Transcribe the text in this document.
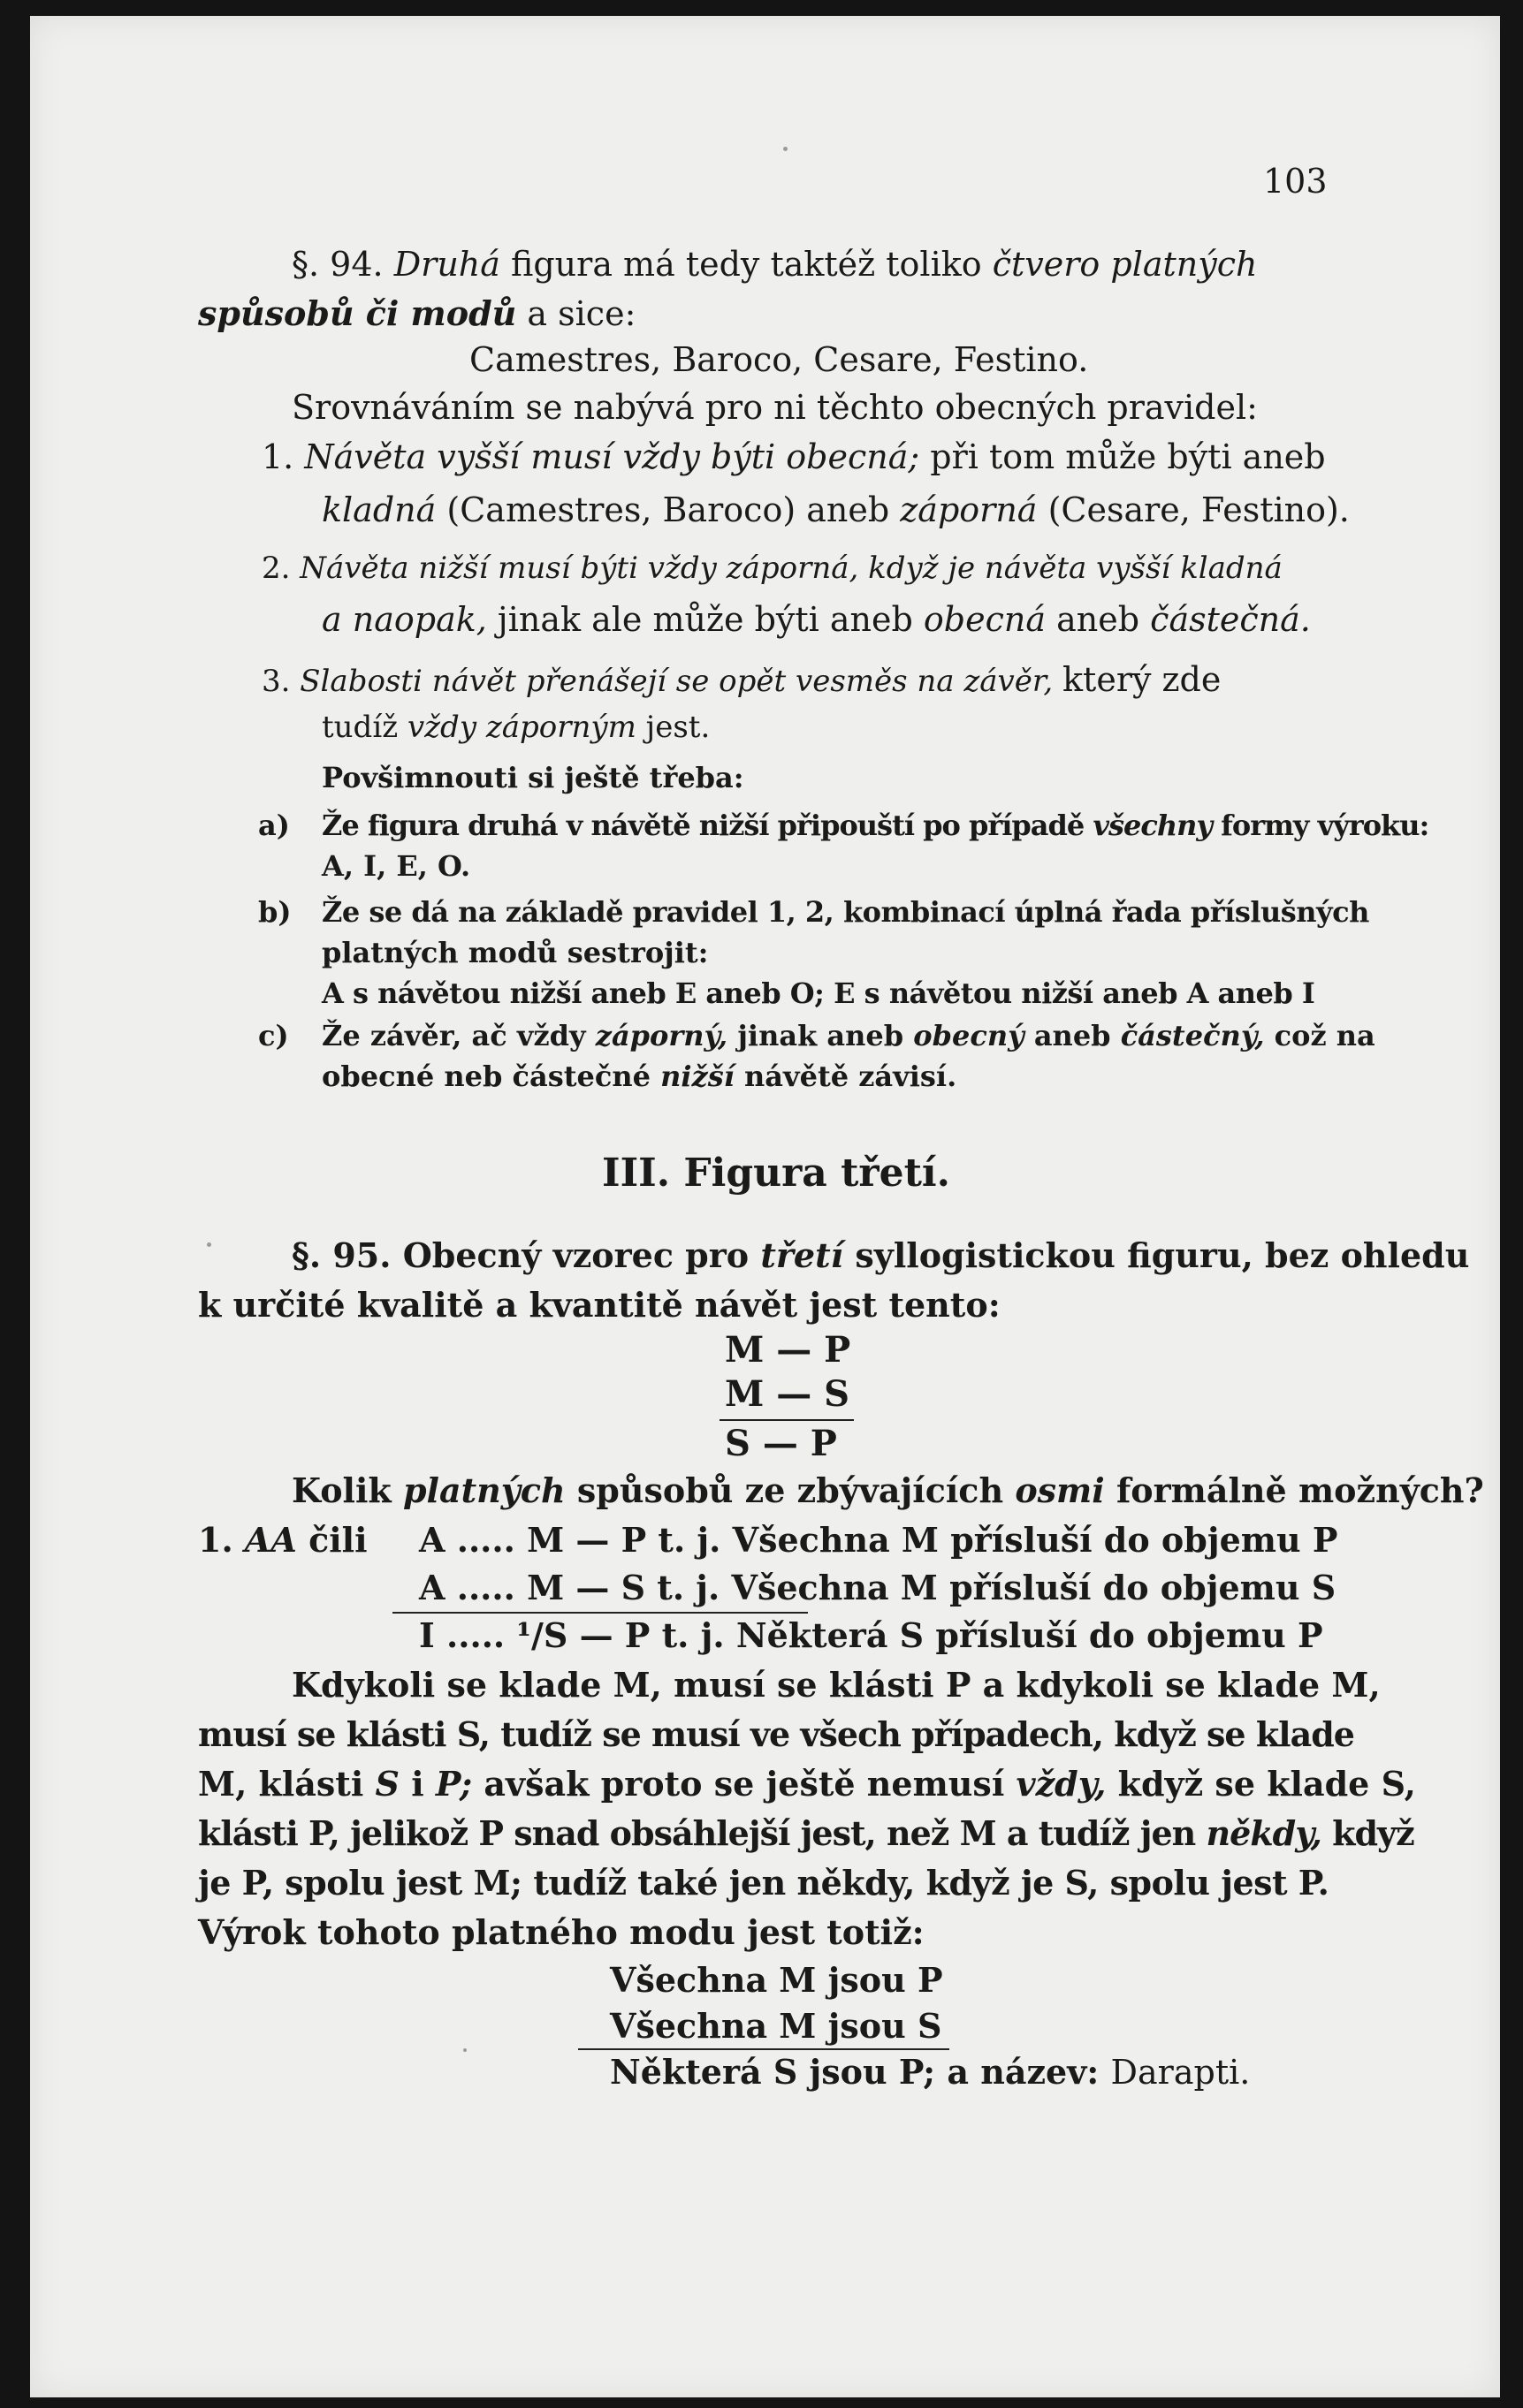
103
§. 94. Druhá figura má tedy taktéž toliko čtvero platných
spůsobů či modů a sice:
Camestres, Baroco, Cesare, Festino.
Srovnáváním se nabývá pro ni těchto obecných pravidel:
1. Návěta vyšší musí vždy býti obecná; při tom může býti aneb
kladná (Camestres, Baroco) aneb záporná (Cesare, Festino).
2. Návěta nižší musí býti vždy záporná, když je návěta vyšší kladná
a naopak, jinak ale může býti aneb obecná aneb částečná.
3. Slabosti návět přenášejí se opět vesměs na závěr, který zde
tudíž vždy záporným jest.
Povšimnouti si ještě třeba:
a) Že figura druhá v návětě nižší připouští po případě všechny formy výroku:
A, I, E, O.
b) Že se dá na základě pravidel 1, 2, kombinací úplná řada příslušných
platných modů sestrojit:
A s návětou nižší aneb E aneb O; E s návětou nižší aneb A aneb I
c) Že závěr, ač vždy záporný, jinak aneb obecný aneb částečný, což na
obecné neb částečné nižší návětě závisí.
III. Figura třetí.
§. 95. Obecný vzorec pro třetí syllogistickou figuru, bez ohledu
k určité kvalitě a kvantitě návět jest tento:
M — P
M — S
S — P
Kolik platných spůsobů ze zbývajících osmi formálně možných?
1. AA čili A ..... M — P t. j. Všechna M přísluší do objemu P
A ..... M — S t. j. Všechna M přísluší do objemu S
I ..... ¹/S — P t. j. Některá S přísluší do objemu P
Kdykoli se klade M, musí se klásti P a kdykoli se klade M,
musí se klásti S, tudíž se musí ve všech případech, když se klade
M, klásti S i P; avšak proto se ještě nemusí vždy, když se klade S,
klásti P, jelikož P snad obsáhlejší jest, než M a tudíž jen někdy, když
je P, spolu jest M; tudíž také jen někdy, když je S, spolu jest P.
Výrok tohoto platného modu jest totiž:
Všechna M jsou P
Všechna M jsou S
Některá S jsou P; a název: Darapti.
